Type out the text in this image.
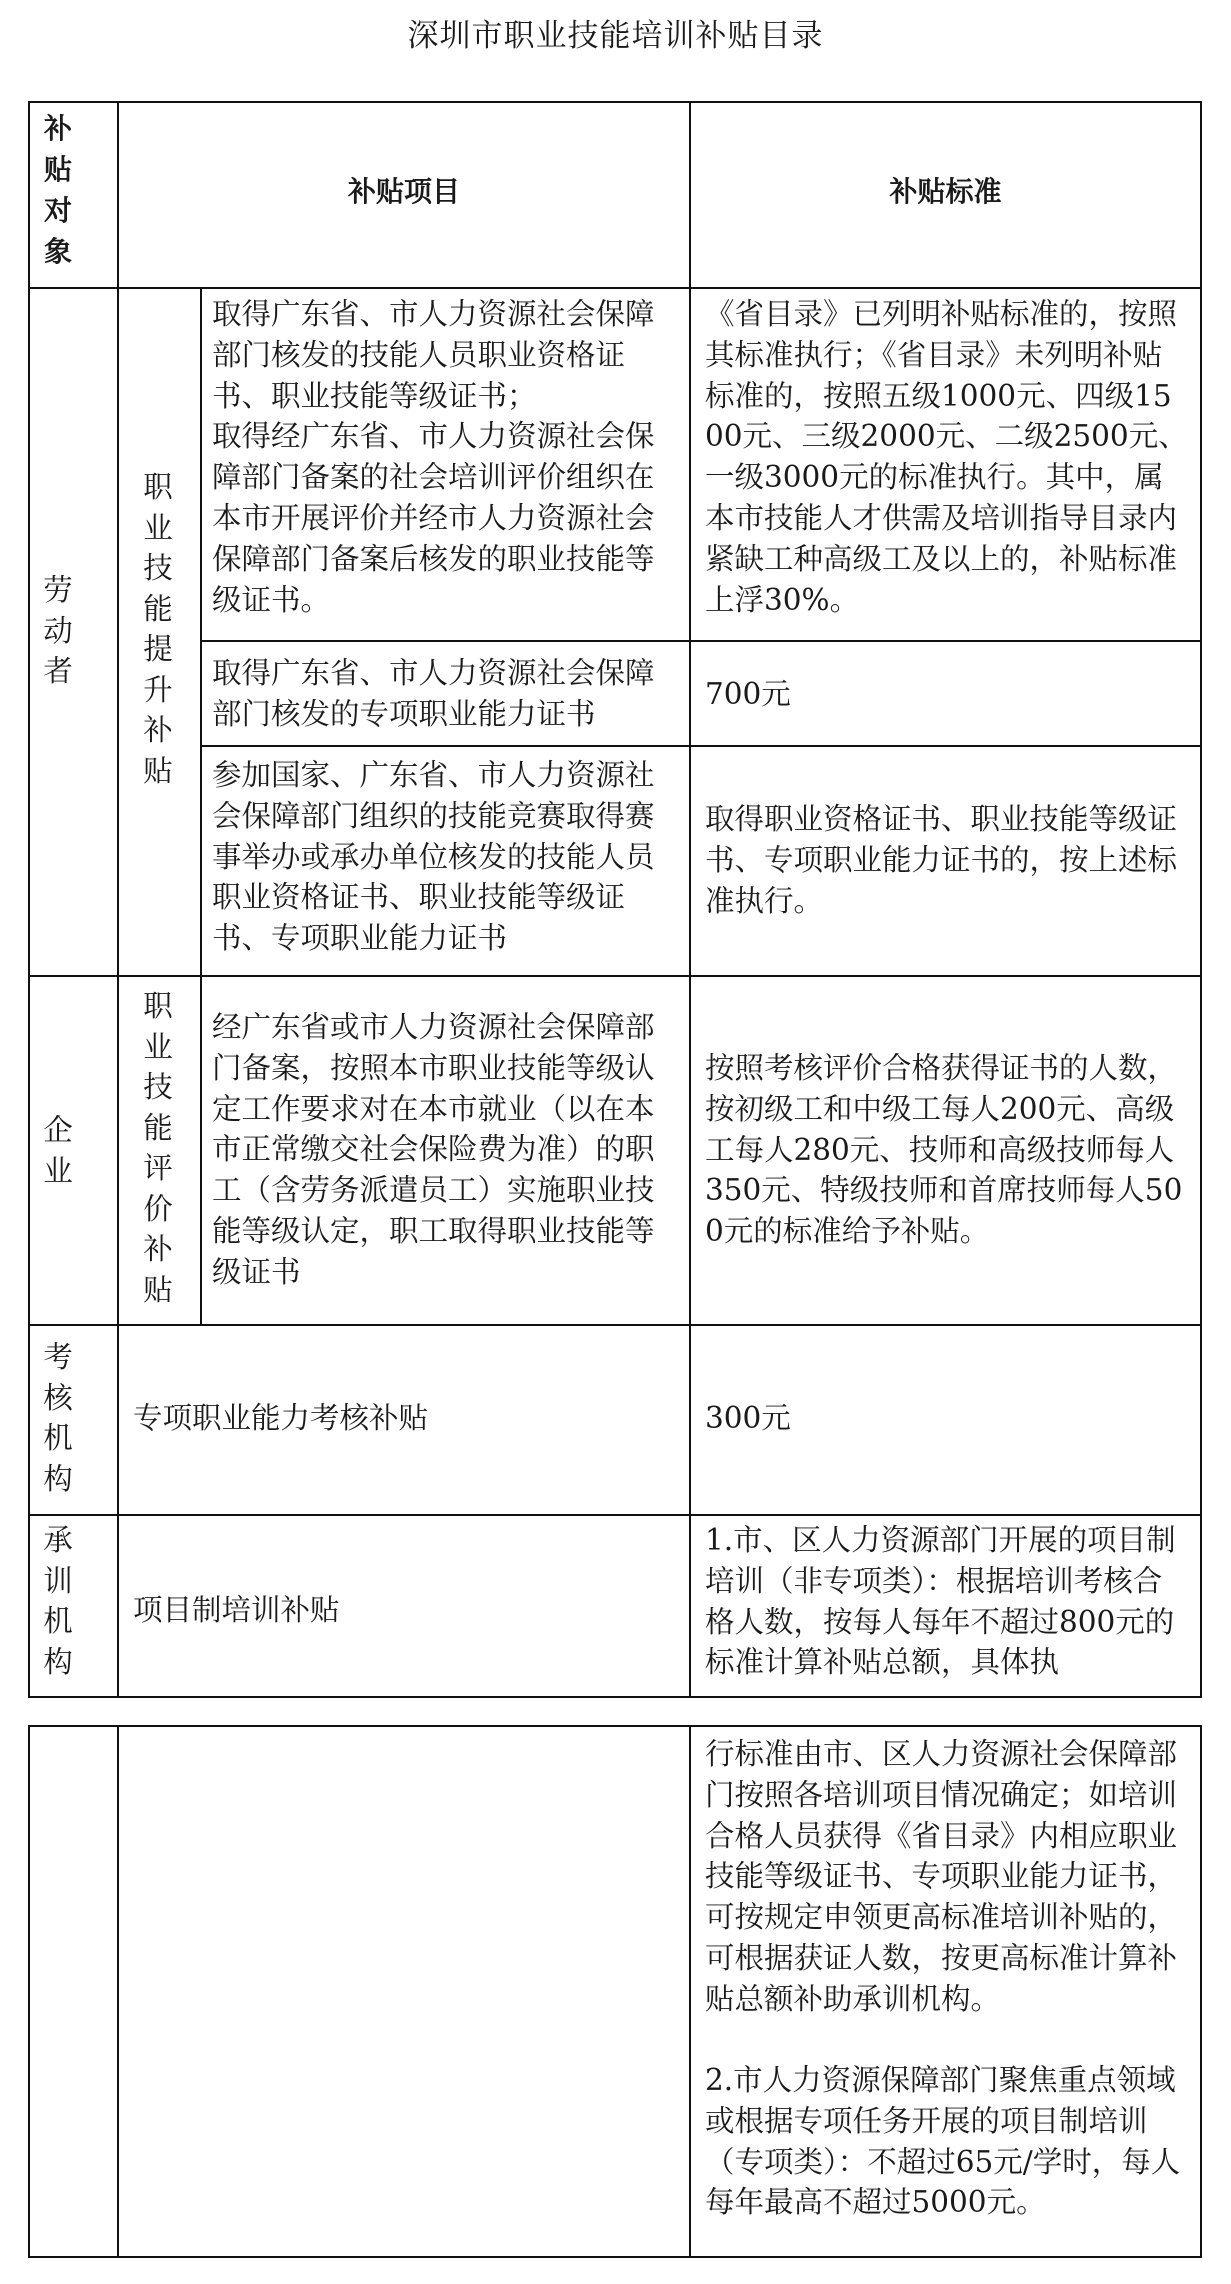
深圳市职业技能培训补贴目录
补贴对象
补贴项目	补贴标准
劳动者
职业技能提升补贴
取得广东省、市人力资源社会保障部门核发的技能人员职业资格证书、职业技能等级证书；
取得经广东省、市人力资源社会保障部门备案的社会培训评价组织在本市开展评价并经市人力资源社会保障部门备案后核发的职业技能等级证书。
《省目录》已列明补贴标准的，按照其标准执行；《省目录》未列明补贴标准的，按照五级1000元、四级1500元、三级2000元、二级2500元、一级3000元的标准执行。其中，属本市技能人才供需及培训指导目录内紧缺工种高级工及以上的，补贴标准上浮30%。
取得广东省、市人力资源社会保障部门核发的专项职业能力证书
700元
参加国家、广东省、市人力资源社会保障部门组织的技能竞赛取得赛事举办或承办单位核发的技能人员职业资格证书、职业技能等级证书、专项职业能力证书
取得职业资格证书、职业技能等级证书、专项职业能力证书的，按上述标准执行。
企业
职业技能评价补贴
经广东省或市人力资源社会保障部门备案，按照本市职业技能等级认定工作要求对在本市就业（以在本市正常缴交社会保险费为准）的职工（含劳务派遣员工）实施职业技能等级认定，职工取得职业技能等级证书
按照考核评价合格获得证书的人数，按初级工和中级工每人200元、高级工每人280元、技师和高级技师每人350元、特级技师和首席技师每人500元的标准给予补贴。
考核机构
专项职业能力考核补贴	300元
承训机构
项目制培训补贴
1.市、区人力资源部门开展的项目制培训（非专项类）：根据培训考核合格人数，按每人每年不超过800元的标准计算补贴总额，具体执
行标准由市、区人力资源社会保障部门按照各培训项目情况确定；如培训合格人员获得《省目录》内相应职业技能等级证书、专项职业能力证书，可按规定申领更高标准培训补贴的，可根据获证人数，按更高标准计算补贴总额补助承训机构。
2.市人力资源保障部门聚焦重点领域或根据专项任务开展的项目制培训（专项类）：不超过65元/学时，每人每年最高不超过5000元。
